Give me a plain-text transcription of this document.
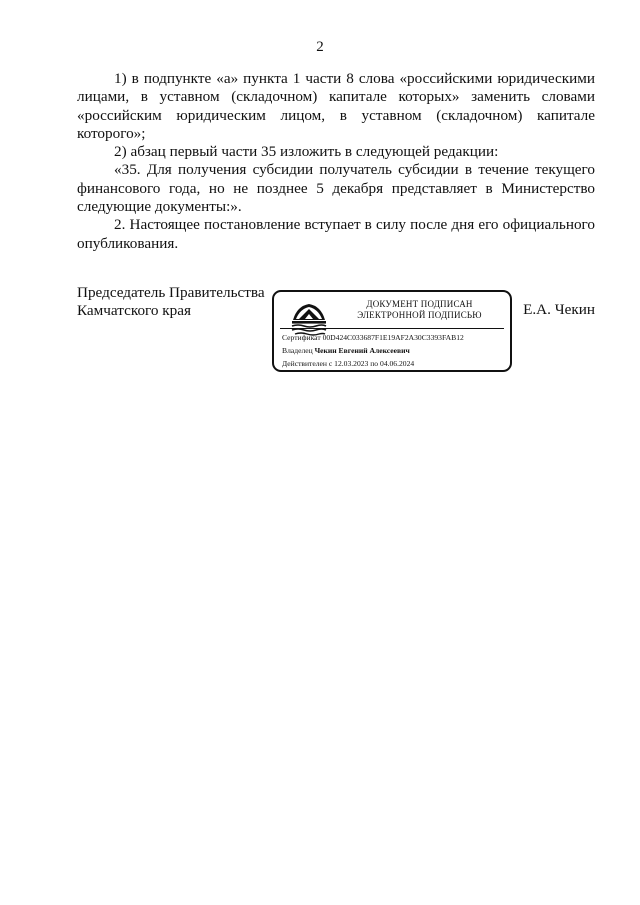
2

1) в подпункте «а» пункта 1 части 8 слова «российскими юридическими лицами, в уставном (складочном) капитале которых» заменить словами «российским юридическим лицом, в уставном (складочном) капитале которого»;

2) абзац первый части 35 изложить в следующей редакции:

«35. Для получения субсидии получатель субсидии в течение текущего финансового года, но не позднее 5 декабря представляет в Министерство следующие документы:».

2. Настоящее постановление вступает в силу после дня его официального опубликования.

Председатель Правительства
Камчатского края	ДОКУМЕНТ ПОДПИСАН
ЭЛЕКТРОННОЙ ПОДПИСЬЮ
Сертификат 00D424C033687F1E19AF2A30C3393FAB12
Владелец Чекин Евгений Алексеевич
Действителен с 12.03.2023 по 04.06.2024
Е.А. Чекин
